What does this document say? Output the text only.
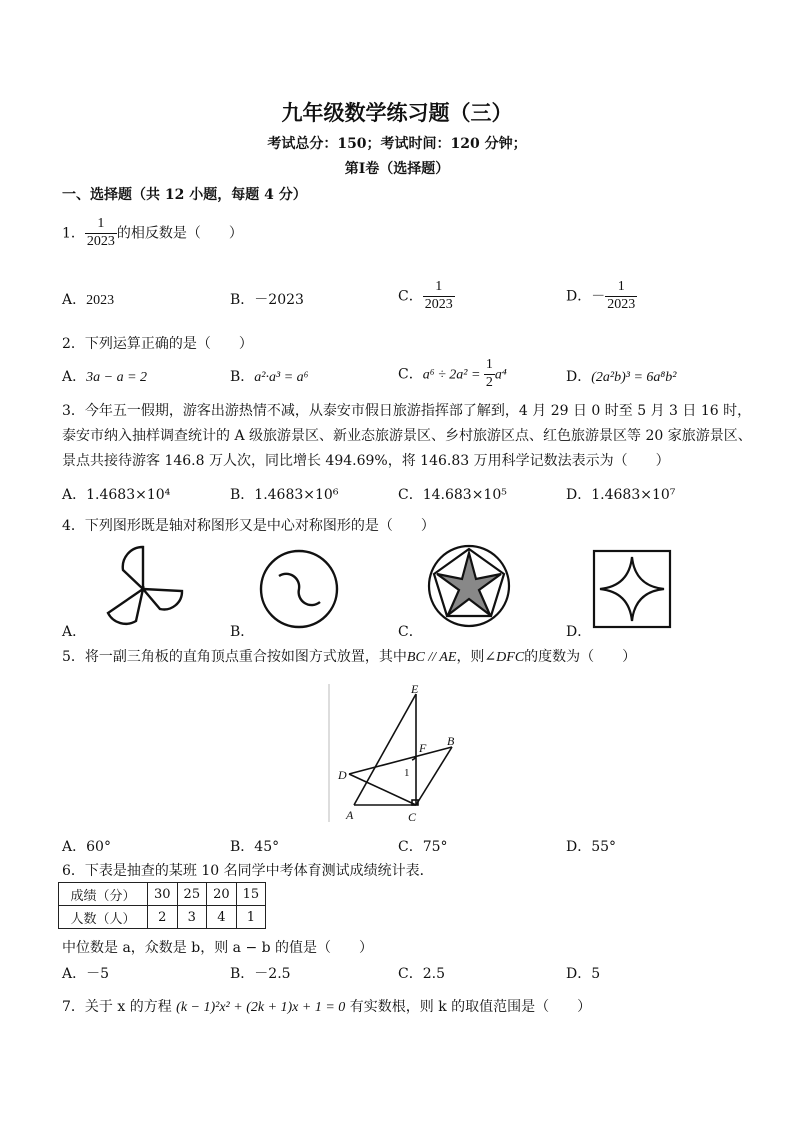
九年级数学练习题（三）
考试总分：150；考试时间：120 分钟；
第Ⅰ卷（选择题）
一、选择题（共 12 小题，每题 4 分）
1． $\frac{1}{2023}$ 的相反数是（　　）
A．2023	B．－2023	C． $\frac{1}{2023}$	D．－ $\frac{1}{2023}$
2．下列运算正确的是（　　）
A．3a − a = 2	B．a²·a³ = a⁶	C．$a^6 \div 2a^2 = \frac{1}{2} a^4$	D．(2a²b)³ = 6a⁸b²
3．今年五一假期，游客出游热情不减，从泰安市假日旅游指挥部了解到，4 月 29 日 0 时至 5 月 3 日 16 时，
泰安市纳入抽样调查统计的 A 级旅游景区、新业态旅游景区、乡村旅游区点、红色旅游景区等 20 家旅游景区、
景点共接待游客 146.8 万人次，同比增长 494.69%，将 146.83 万用科学记数法表示为（　　）
A．1.4683×10⁴	B．1.4683×10⁶	C．14.683×10⁵	D．1.4683×10⁷
4．下列图形既是轴对称图形又是中心对称图形的是（　　）
A．	B．	C．	D．
5．将一副三角板的直角顶点重合按如图方式放置，其中BC // AE，则∠DFC的度数为（　　）
E
F B
D
A	C
1
A．60°	B．45°	C．75°	D．55°
6．下表是抽查的某班 10 名同学中考体育测试成绩统计表．
成绩（分）	30	25	20	15
人数（人）	2	3	4	1
中位数是 a，众数是 b，则 a − b 的值是（　　）
A．－5	B．－2.5	C．2.5	D．5
7．关于 x 的方程 (k − 1)²x² + (2k + 1)x + 1 = 0 有实数根，则 k 的取值范围是（　　）
